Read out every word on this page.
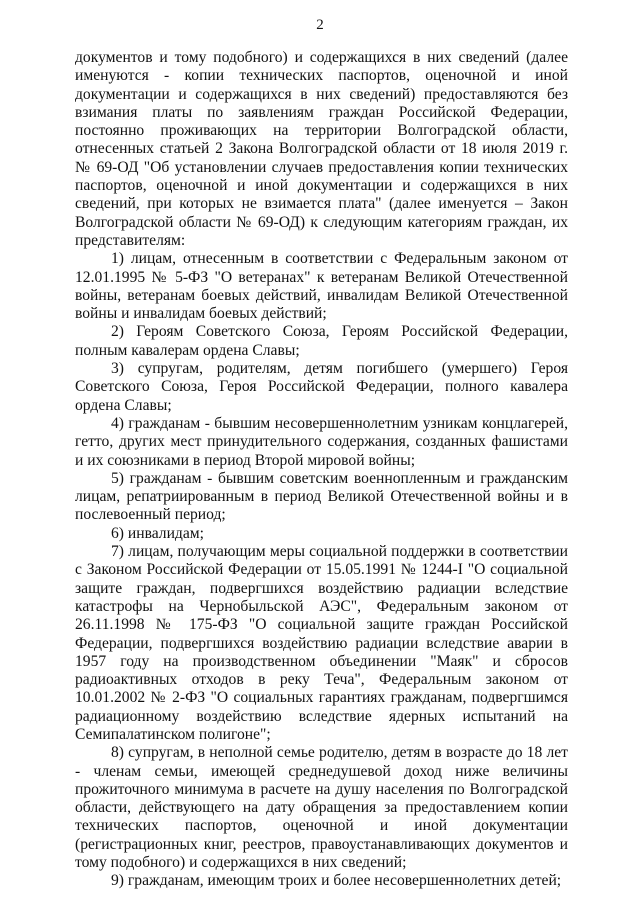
2

документов и тому подобного) и содержащихся в них сведений (далее именуются - копии технических паспортов, оценочной и иной документации и содержащихся в них сведений) предоставляются без взимания платы по заявлениям граждан Российской Федерации, постоянно проживающих на территории Волгоградской области, отнесенных статьей 2 Закона Волгоградской области от 18 июля 2019 г. № 69-ОД "Об установлении случаев предоставления копии технических паспортов, оценочной и иной документации и содержащихся в них сведений, при которых не взимается плата" (далее именуется – Закон Волгоградской области № 69-ОД) к следующим категориям граждан, их представителям:

1) лицам, отнесенным в соответствии с Федеральным законом от 12.01.1995 № 5-ФЗ "О ветеранах" к ветеранам Великой Отечественной войны, ветеранам боевых действий, инвалидам Великой Отечественной войны и инвалидам боевых действий;

2) Героям Советского Союза, Героям Российской Федерации, полным кавалерам ордена Славы;

3) супругам, родителям, детям погибшего (умершего) Героя Советского Союза, Героя Российской Федерации, полного кавалера ордена Славы;

4) гражданам - бывшим несовершеннолетним узникам концлагерей, гетто, других мест принудительного содержания, созданных фашистами и их союзниками в период Второй мировой войны;

5) гражданам - бывшим советским военнопленным и гражданским лицам, репатриированным в период Великой Отечественной войны и в послевоенный период;

6) инвалидам;

7) лицам, получающим меры социальной поддержки в соответствии с Законом Российской Федерации от 15.05.1991 № 1244-I "О социальной защите граждан, подвергшихся воздействию радиации вследствие катастрофы на Чернобыльской АЭС", Федеральным законом от 26.11.1998 № 175-ФЗ "О социальной защите граждан Российской Федерации, подвергшихся воздействию радиации вследствие аварии в 1957 году на производственном объединении "Маяк" и сбросов радиоактивных отходов в реку Теча", Федеральным законом от 10.01.2002 № 2-ФЗ "О социальных гарантиях гражданам, подвергшимся радиационному воздействию вследствие ядерных испытаний на Семипалатинском полигоне";

8) супругам, в неполной семье родителю, детям в возрасте до 18 лет - членам семьи, имеющей среднедушевой доход ниже величины прожиточного минимума в расчете на душу населения по Волгоградской области, действующего на дату обращения за предоставлением копии технических паспортов, оценочной и иной документации (регистрационных книг, реестров, правоустанавливающих документов и тому подобного) и содержащихся в них сведений;

9) гражданам, имеющим троих и более несовершеннолетних детей;
